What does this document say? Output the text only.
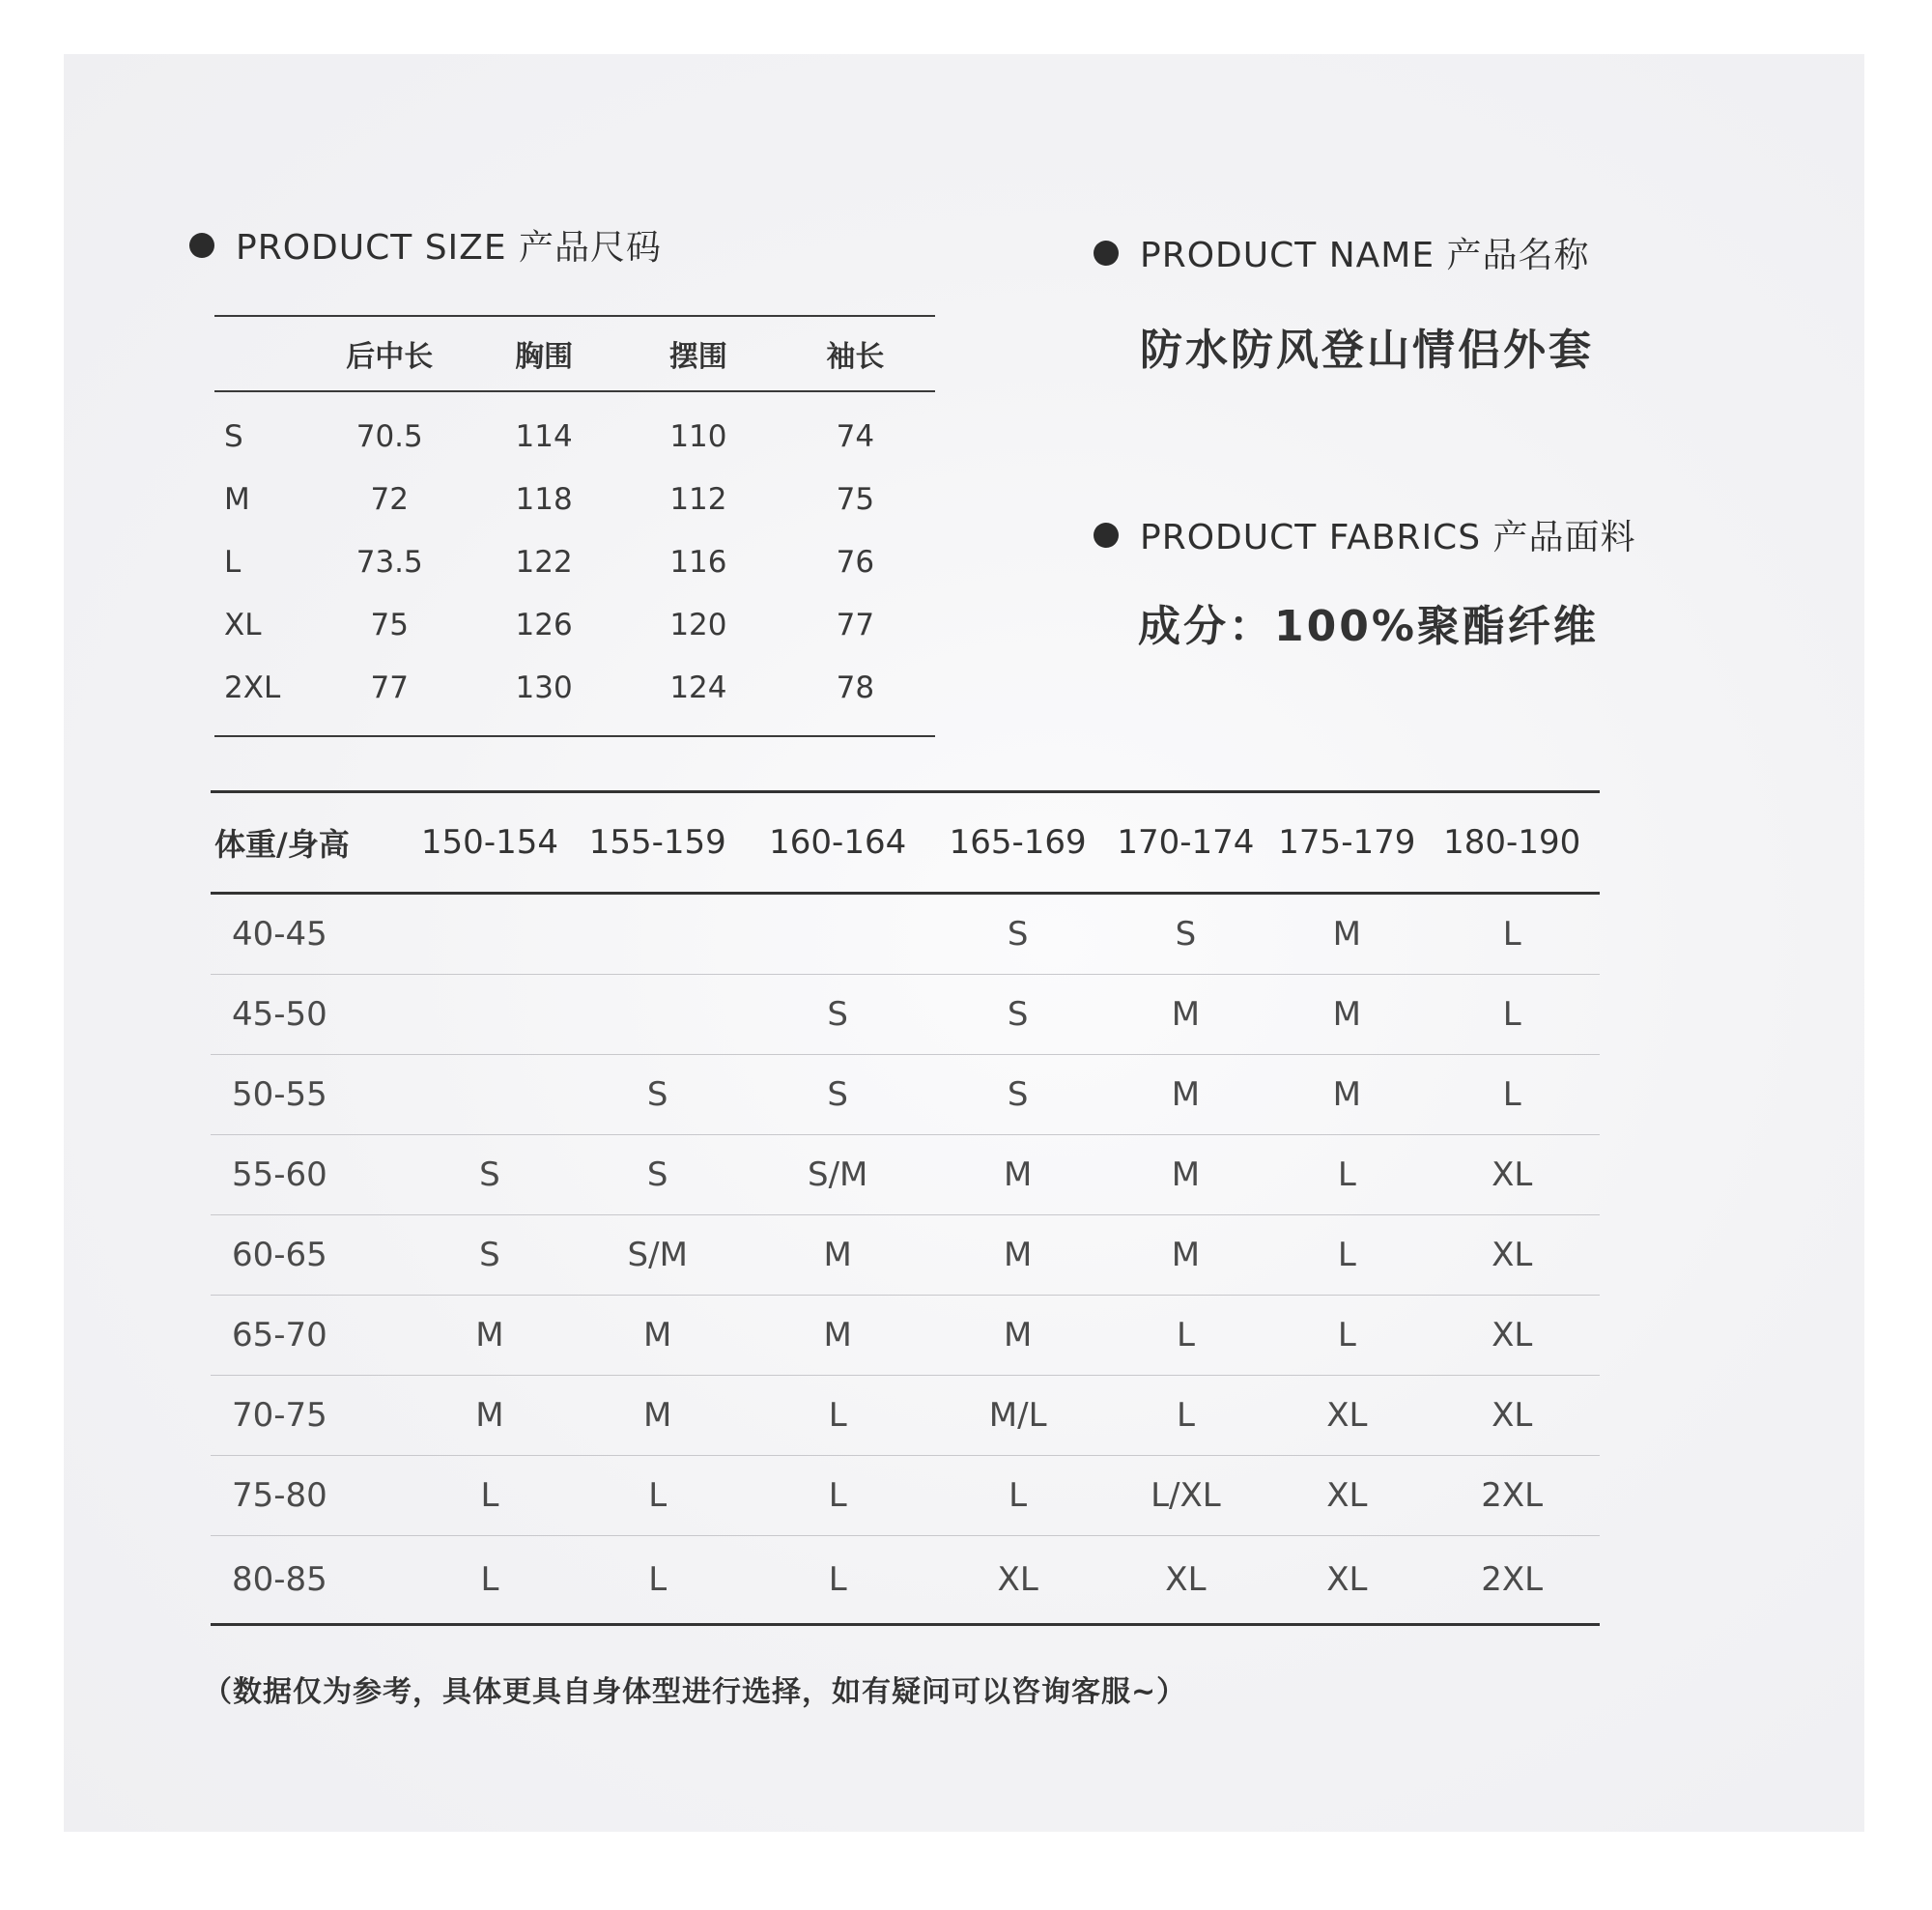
PRODUCT SIZE 产品尺码
	后中长	胸围	摆围	袖长
S	70.5	114	110	74
M	72	118	112	75
L	73.5	122	116	76
XL	75	126	120	77
2XL	77	130	124	78
PRODUCT NAME 产品名称
防水防风登山情侣外套
PRODUCT FABRICS 产品面料
成分：100%聚酯纤维
体重/身高	150-154	155-159	160-164	165-169	170-174	175-179	180-190
40-45				S	S	M	L
45-50			S	S	M	M	L
50-55		S	S	S	M	M	L
55-60	S	S	S/M	M	M	L	XL
60-65	S	S/M	M	M	M	L	XL
65-70	M	M	M	M	L	L	XL
70-75	M	M	L	M/L	L	XL	XL
75-80	L	L	L	L	L/XL	XL	2XL
80-85	L	L	L	XL	XL	XL	2XL
（数据仅为参考，具体更具自身体型进行选择，如有疑问可以咨询客服~）
